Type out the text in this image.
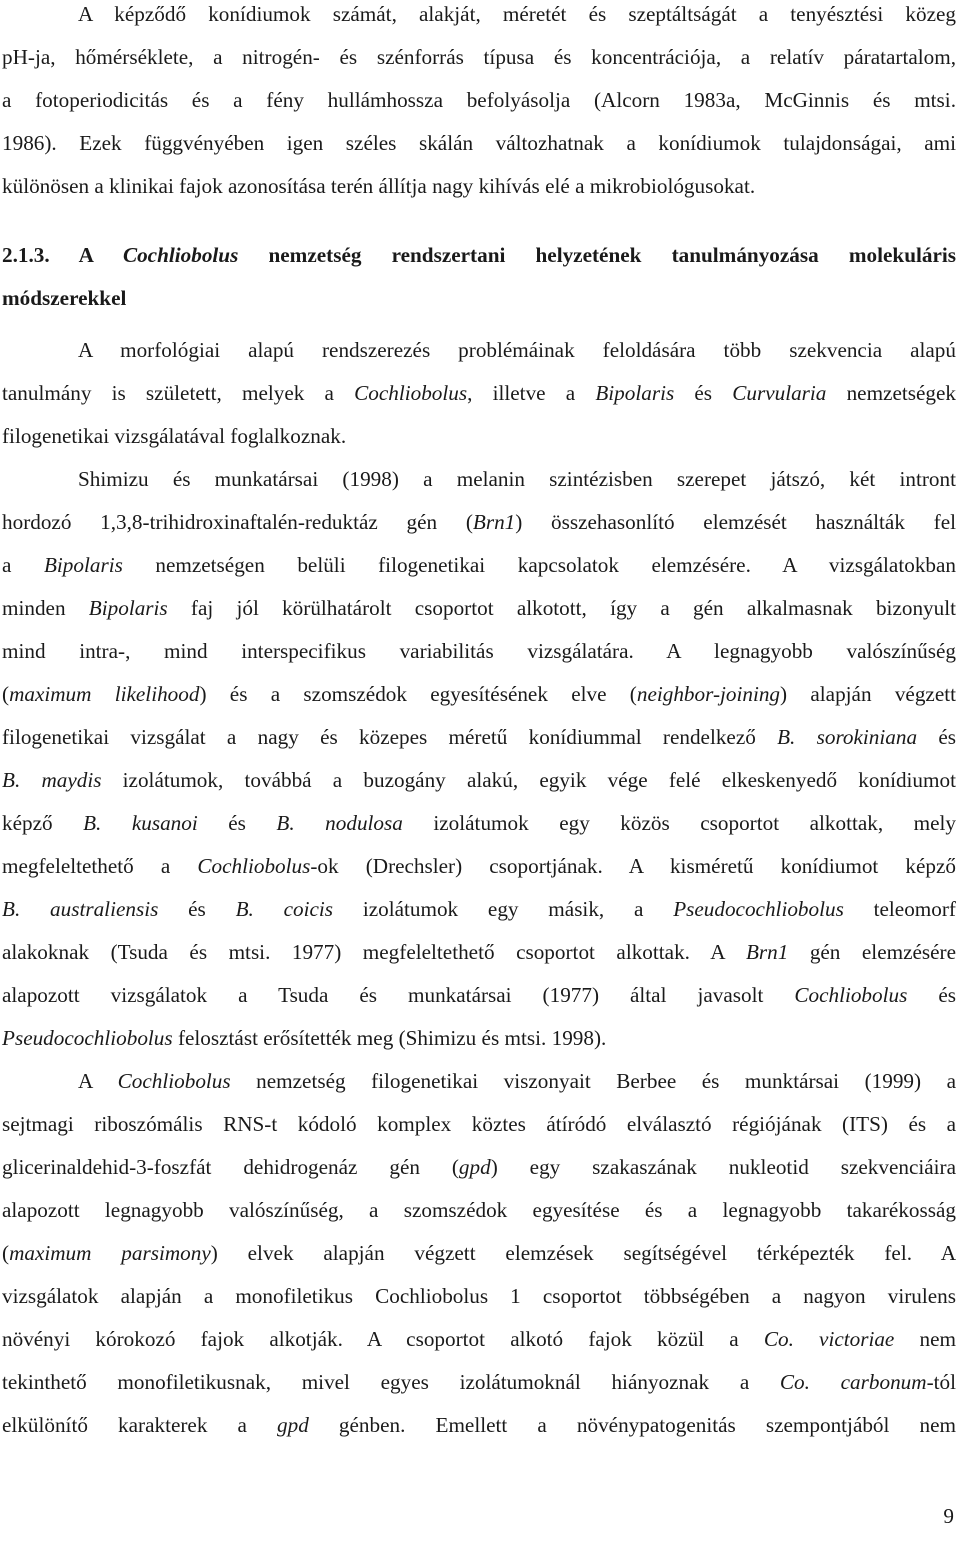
A képződő konídiumok számát, alakját, méretét és szeptáltságát a tenyésztési közeg
pH-ja, hőmérséklete, a nitrogén- és szénforrás típusa és koncentrációja, a relatív páratartalom,
a fotoperiodicitás és a fény hullámhossza befolyásolja (Alcorn 1983a, McGinnis és mtsi.
1986). Ezek függvényében igen széles skálán változhatnak a konídiumok tulajdonságai, ami
különösen a klinikai fajok azonosítása terén állítja nagy kihívás elé a mikrobiológusokat.
2.1.3. A Cochliobolus nemzetség rendszertani helyzetének tanulmányozása molekuláris
módszerekkel
A morfológiai alapú rendszerezés problémáinak feloldására több szekvencia alapú
tanulmány is született, melyek a Cochliobolus, illetve a Bipolaris és Curvularia nemzetségek
filogenetikai vizsgálatával foglalkoznak.
Shimizu és munkatársai (1998) a melanin szintézisben szerepet játszó, két intront
hordozó 1,3,8-trihidroxinaftalén-reduktáz gén (Brn1) összehasonlító elemzését használták fel
a Bipolaris nemzetségen belüli filogenetikai kapcsolatok elemzésére. A vizsgálatokban
minden Bipolaris faj jól körülhatárolt csoportot alkotott, így a gén alkalmasnak bizonyult
mind intra-, mind interspecifikus variabilitás vizsgálatára. A legnagyobb valószínűség
(maximum likelihood) és a szomszédok egyesítésének elve (neighbor-joining) alapján végzett
filogenetikai vizsgálat a nagy és közepes méretű konídiummal rendelkező B. sorokiniana és
B. maydis izolátumok, továbbá a buzogány alakú, egyik vége felé elkeskenyedő konídiumot
képző B. kusanoi és B. nodulosa izolátumok egy közös csoportot alkottak, mely
megfeleltethető a Cochliobolus-ok (Drechsler) csoportjának. A kisméretű konídiumot képző
B. australiensis és B. coicis izolátumok egy másik, a Pseudocochliobolus teleomorf
alakoknak (Tsuda és mtsi. 1977) megfeleltethető csoportot alkottak. A Brn1 gén elemzésére
alapozott vizsgálatok a Tsuda és munkatársai (1977) által javasolt Cochliobolus és
Pseudocochliobolus felosztást erősítették meg (Shimizu és mtsi. 1998).
A Cochliobolus nemzetség filogenetikai viszonyait Berbee és munktársai (1999) a
sejtmagi riboszómális RNS-t kódoló komplex köztes átíródó elválasztó régiójának (ITS) és a
glicerinaldehid-3-foszfát dehidrogenáz gén (gpd) egy szakaszának nukleotid szekvenciáira
alapozott legnagyobb valószínűség, a szomszédok egyesítése és a legnagyobb takarékosság
(maximum parsimony) elvek alapján végzett elemzések segítségével térképezték fel. A
vizsgálatok alapján a monofiletikus Cochliobolus 1 csoportot többségében a nagyon virulens
növényi kórokozó fajok alkotják. A csoportot alkotó fajok közül a Co. victoriae nem
tekinthető monofiletikusnak, mivel egyes izolátumoknál hiányoznak a Co. carbonum-tól
elkülönítő karakterek a gpd génben. Emellett a növénypatogenitás szempontjából nem
9
